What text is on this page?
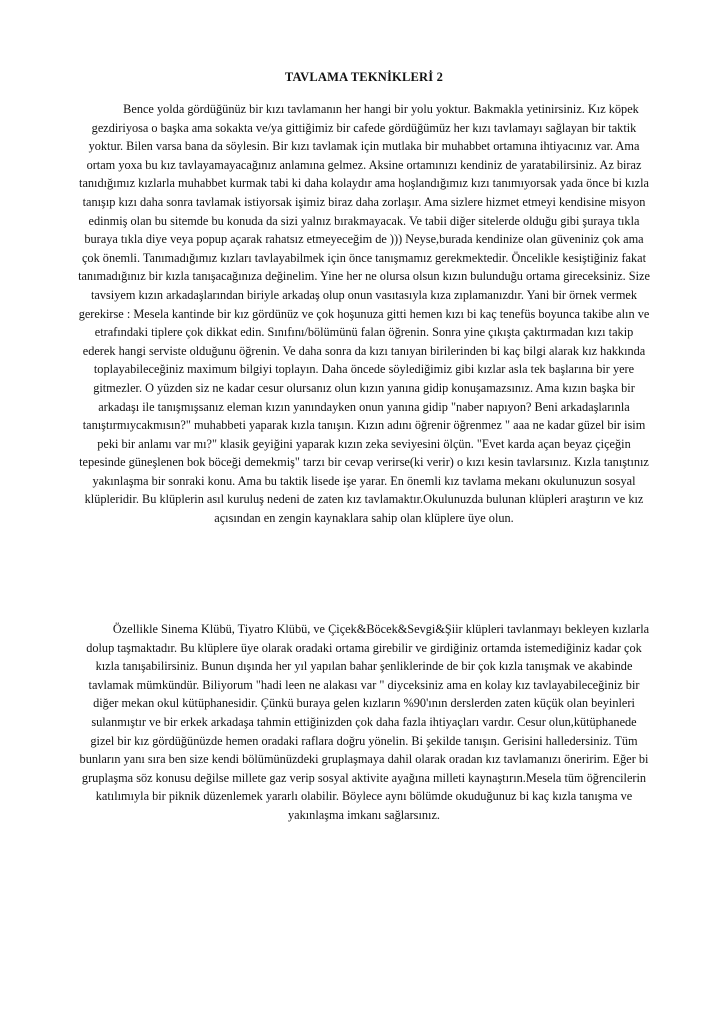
TAVLAMA TEKNİKLERİ 2
Bence yolda gördüğünüz bir kızı tavlamanın her hangi bir yolu yoktur. Bakmakla yetinirsiniz. Kız köpek gezdiriyosa o başka ama sokakta ve/ya gittiğimiz bir cafede gördüğümüz her kızı tavlamayı sağlayan bir taktik yoktur. Bilen varsa bana da söylesin. Bir kızı tavlamak için mutlaka bir muhabbet ortamına ihtiyacınız var. Ama ortam yoxa bu kız tavlayamayacağınız anlamına gelmez. Aksine ortamınızı kendiniz de yaratabilirsiniz. Az biraz tanıdığımız kızlarla muhabbet kurmak tabi ki daha kolaydır ama hoşlandığımız kızı tanımıyorsak yada önce bi kızla tanışıp kızı daha sonra tavlamak istiyorsak işimiz biraz daha zorlaşır. Ama sizlere hizmet etmeyi kendisine misyon edinmiş olan bu sitemde bu konuda da sizi yalnız bırakmayacak. Ve tabii diğer sitelerde olduğu gibi şuraya tıkla buraya tıkla diye veya popup açarak rahatsız etmeyeceğim de ))) Neyse,burada kendinize olan güveniniz çok ama çok önemli. Tanımadığımız kızları tavlayabilmek için önce tanışmamız gerekmektedir. Öncelikle kesiştiğiniz fakat tanımadığınız bir kızla tanışacağınıza değinelim. Yine her ne olursa olsun kızın bulunduğu ortama gireceksiniz. Size tavsiyem kızın arkadaşlarından biriyle arkadaş olup onun vasıtasıyla kıza zıplamanızdır. Yani bir örnek vermek gerekirse : Mesela kantinde bir kız gördünüz ve çok hoşunuza gitti hemen kızı bi kaç tenefüs boyunca takibe alın ve etrafındaki tiplere çok dikkat edin. Sınıfını/bölümünü falan öğrenin. Sonra yine çıkışta çaktırmadan kızı takip ederek hangi serviste olduğunu öğrenin. Ve daha sonra da kızı tanıyan birilerinden bi kaç bilgi alarak kız hakkında toplayabileceğiniz maximum bilgiyi toplayın. Daha öncede söylediğimiz gibi kızlar asla tek başlarına bir yere gitmezler. O yüzden siz ne kadar cesur olursanız olun kızın yanına gidip konuşamazsınız. Ama kızın başka bir arkadaşı ile tanışmışsanız eleman kızın yanındayken onun yanına gidip "naber napıyon? Beni arkadaşlarınla tanıştırmıycakmısın?" muhabbeti yaparak kızla tanışın. Kızın adını öğrenir öğrenmez " aaa ne kadar güzel bir isim peki bir anlamı var mı?" klasik geyiğini yaparak kızın zeka seviyesini ölçün. "Evet karda açan beyaz çiçeğin tepesinde güneşlenen bok böceği demekmiş" tarzı bir cevap verirse(ki verir) o kızı kesin tavlarsınız. Kızla tanıştınız yakınlaşma bir sonraki konu. Ama bu taktik lisede işe yarar. En önemli kız tavlama mekanı okulunuzun sosyal klüpleridir. Bu klüplerin asıl kuruluş nedeni de zaten kız tavlamaktır.Okulunuzda bulunan klüpleri araştırın ve kız açısından en zengin kaynaklara sahip olan klüplere üye olun.
Özellikle Sinema Klübü, Tiyatro Klübü, ve Çiçek&Böcek&Sevgi&Şiir klüpleri tavlanmayı bekleyen kızlarla dolup taşmaktadır. Bu klüplere üye olarak oradaki ortama girebilir ve girdiğiniz ortamda istemediğiniz kadar çok kızla tanışabilirsiniz. Bunun dışında her yıl yapılan bahar şenliklerinde de bir çok kızla tanışmak ve akabinde tavlamak mümkündür. Biliyorum "hadi leen ne alakası var " diyceksiniz ama en kolay kız tavlayabileceğiniz bir diğer mekan okul kütüphanesidir. Çünkü buraya gelen kızların %90'ının derslerden zaten küçük olan beyinleri sulanmıştır ve bir erkek arkadaşa tahmin ettiğinizden çok daha fazla ihtiyaçları vardır. Cesur olun,kütüphanede gizel bir kız gördüğünüzde hemen oradaki raflara doğru yönelin. Bi şekilde tanışın. Gerisini halledersiniz. Tüm bunların yanı sıra ben size kendi bölümünüzdeki gruplaşmaya dahil olarak oradan kız tavlamanızı öneririm. Eğer bi gruplaşma söz konusu değilse millete gaz verip sosyal aktivite ayağına milleti kaynaştırın.Mesela tüm öğrencilerin katılımıyla bir piknik düzenlemek yararlı olabilir. Böylece aynı bölümde okuduğunuz bi kaç kızla tanışma ve yakınlaşma imkanı sağlarsınız.
